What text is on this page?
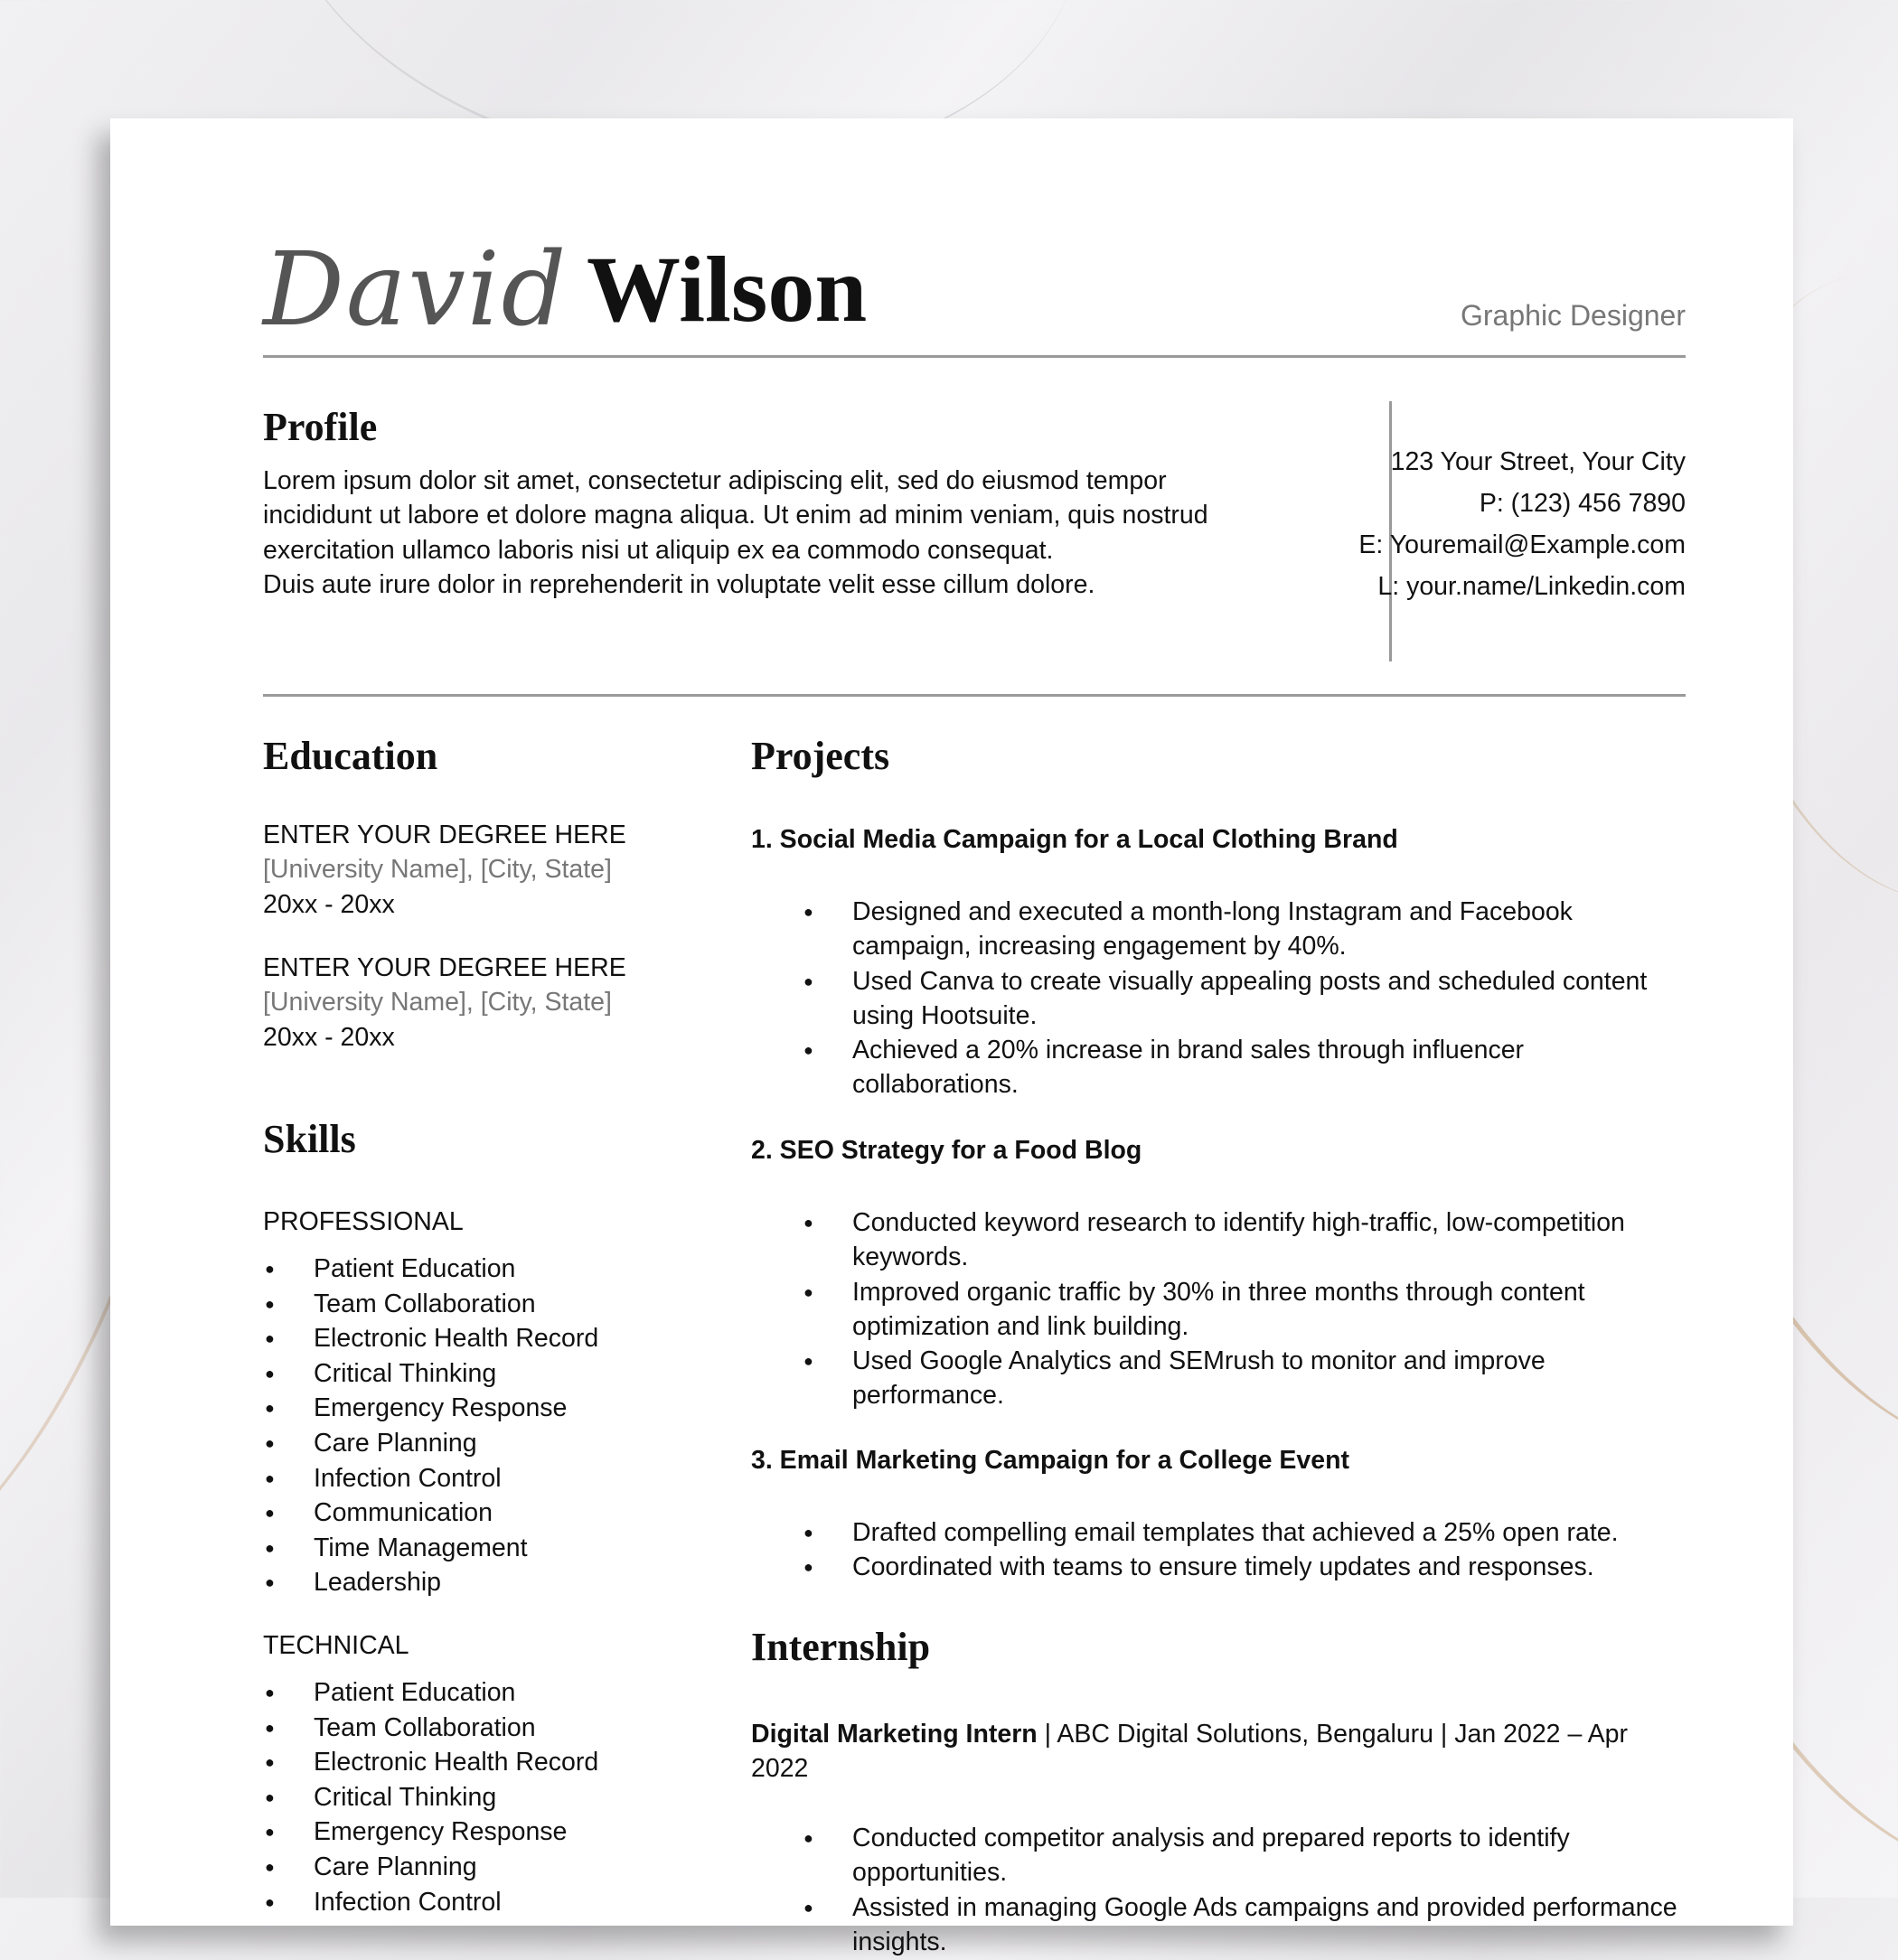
David Wilson	Graphic Designer
Profile

Lorem ipsum dolor sit amet, consectetur adipiscing elit, sed do eiusmod tempor
incididunt ut labore et dolore magna aliqua. Ut enim ad minim veniam, quis nostrud
exercitation ullamco laboris nisi ut aliquip ex ea commodo consequat.
Duis aute irure dolor in reprehenderit in voluptate velit esse cillum dolore.

123 Your Street, Your City
P: (123) 456 7890
E: Youremail@Example.com
L: your.name/Linkedin.com
Education
ENTER YOUR DEGREE HERE
[University Name], [City, State]
20xx - 20xx
ENTER YOUR DEGREE HERE
[University Name], [City, State]
20xx - 20xx
Skills
PROFESSIONAL
● Patient Education
● Team Collaboration
● Electronic Health Record
● Critical Thinking
● Emergency Response
● Care Planning
● Infection Control
● Communication
● Time Management
● Leadership
TECHNICAL
● Patient Education
● Team Collaboration
● Electronic Health Record
● Critical Thinking
● Emergency Response
● Care Planning
● Infection Control
Projects
1. Social Media Campaign for a Local Clothing Brand
● Designed and executed a month-long Instagram and Facebook campaign, increasing engagement by 40%.
● Used Canva to create visually appealing posts and scheduled content using Hootsuite.
● Achieved a 20% increase in brand sales through influencer collaborations.
2. SEO Strategy for a Food Blog
● Conducted keyword research to identify high-traffic, low-competition keywords.
● Improved organic traffic by 30% in three months through content optimization and link building.
● Used Google Analytics and SEMrush to monitor and improve performance.
3. Email Marketing Campaign for a College Event
● Drafted compelling email templates that achieved a 25% open rate.
● Coordinated with teams to ensure timely updates and responses.
Internship
Digital Marketing Intern | ABC Digital Solutions, Bengaluru | Jan 2022 – Apr 2022
● Conducted competitor analysis and prepared reports to identify opportunities.
● Assisted in managing Google Ads campaigns and provided performance insights.
